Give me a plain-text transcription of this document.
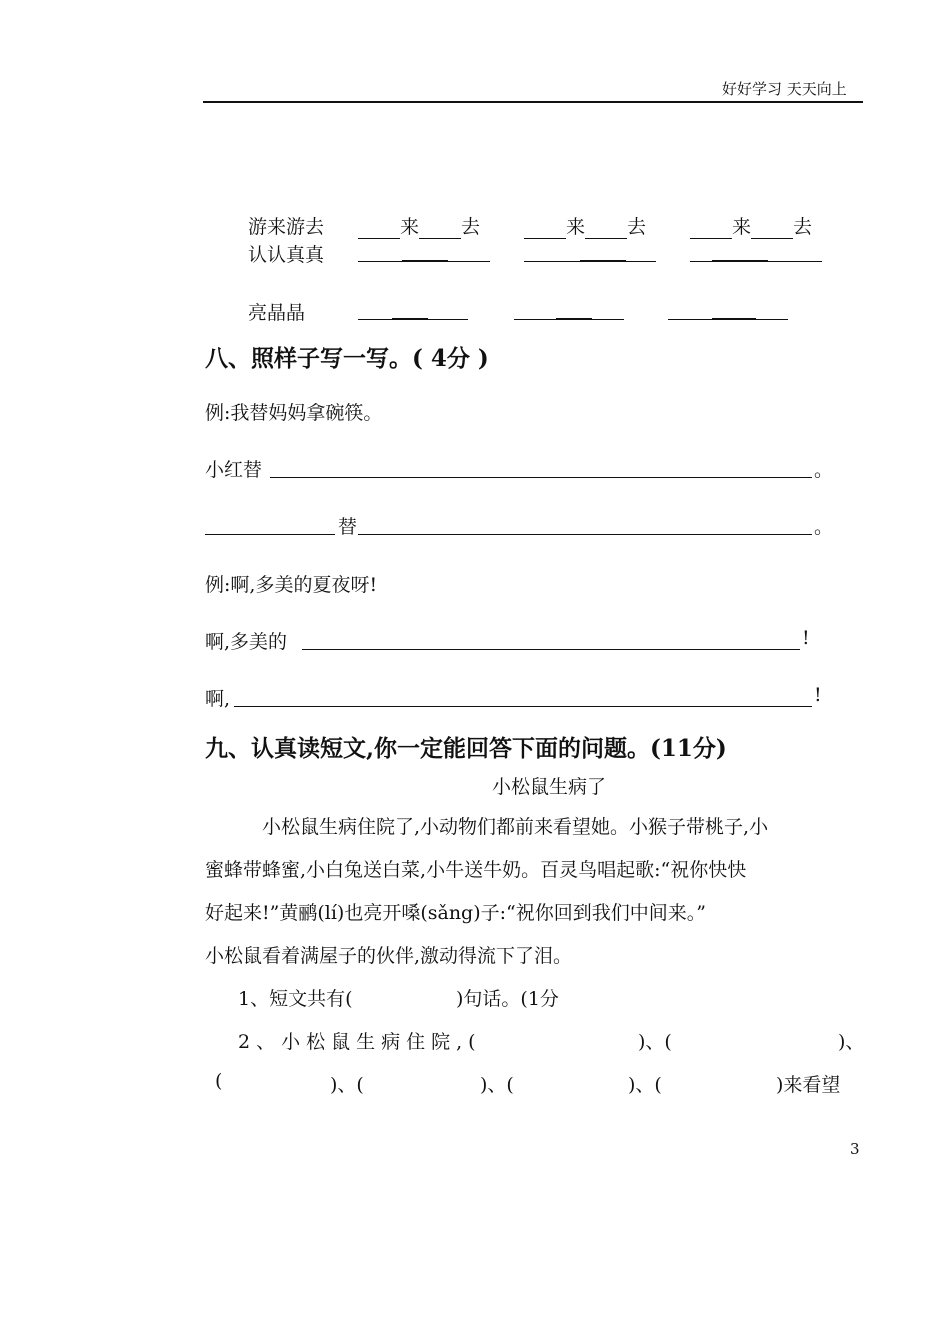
好好学习 天天向上
游来游去	来 去	来 去	来 去
认认真真
亮晶晶
八、照样子写一写。( 4分 )
例:我替妈妈拿碗筷。
小红替	。
替	。
例:啊,多美的夏夜呀!
啊,多美的	!
啊,	!
九、认真读短文,你一定能回答下面的问题。(11分)
小松鼠生病了
小松鼠生病住院了,小动物们都前来看望她。小猴子带桃子,小
蜜蜂带蜂蜜,小白兔送白菜,小牛送牛奶。百灵鸟唱起歌:“祝你快快
好起来!”黄鹂(lí)也亮开嗓(sǎng)子:“祝你回到我们中间来。”
小松鼠看着满屋子的伙伴,激动得流下了泪。
1、短文共有(	)句话。(1分
2、小松鼠生病住院,(	)、(	)、
(	)、(	)、(	)、(	)来看望
3
